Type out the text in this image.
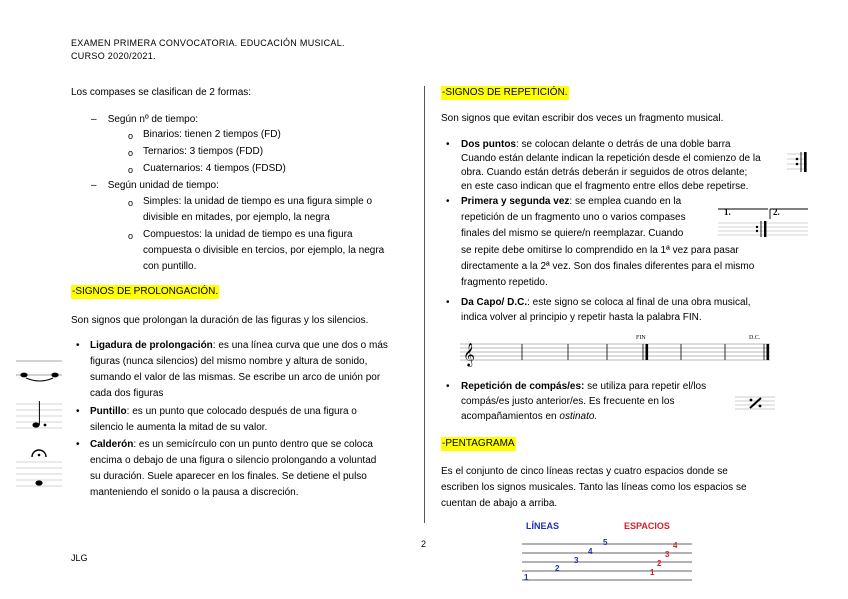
EXAMEN PRIMERA CONVOCATORIA. EDUCACIÓN MUSICAL.
CURSO 2020/2021.
2
JLG
Los compases se clasifican de 2 formas:
–    Según nº de tiempo:
o Binarios: tienen 2 tiempos (FD)
o Ternarios: 3 tiempos (FDD)
o Cuaternarios: 4 tiempos (FDSD)
–    Según unidad de tiempo:
o Simples: la unidad de tiempo es una figura simple o
divisible en mitades, por ejemplo, la negra
o Compuestos: la unidad de tiempo es una figura
compuesta o divisible en tercios, por ejemplo, la negra
con puntillo.
-SIGNOS DE PROLONGACIÓN.
Son signos que prolongan la duración de las figuras y los silencios.
• Ligadura de prolongación: es una línea curva que une dos o más
figuras (nunca silencios) del mismo nombre y altura de sonido,
sumando el valor de las mismas. Se escribe un arco de unión por
cada dos figuras
• Puntillo: es un punto que colocado después de una figura o
silencio le aumenta la mitad de su valor.
• Calderón: es un semicírculo con un punto dentro que se coloca
encima o debajo de una figura o silencio prolongando a voluntad
su duración. Suele aparecer en los finales. Se detiene el pulso
manteniendo el sonido o la pausa a discreción.
-SIGNOS DE REPETICIÓN.
Son signos que evitan escribir dos veces un fragmento musical.
• Dos puntos: se colocan delante o detrás de una doble barra
Cuando están delante indican la repetición desde el comienzo de la
obra. Cuando están detrás deberán ir seguidos de otros delante;
en este caso indican que el fragmento entre ellos debe repetirse.
• Primera y segunda vez: se emplea cuando en la
repetición de un fragmento uno o varios compases
finales del mismo se quiere/n reemplazar. Cuando
se repite debe omitirse lo comprendido en la 1ª vez para pasar
directamente a la 2ª vez. Son dos finales diferentes para el mismo
fragmento repetido.
1.	2.
• Da Capo/ D.C.: este signo se coloca al final de una obra musical,
indica volver al principio y repetir hasta la palabra FIN.
𝄞
FIN	D.C.
• Repetición de compás/es: se utiliza para repetir el/los
compás/es justo anterior/es. Es frecuente en los
acompañamientos en ostinato.
-PENTAGRAMA
Es el conjunto de cinco líneas rectas y cuatro espacios donde se
escriben los signos musicales. Tanto las líneas como los espacios se
cuentan de abajo a arriba.
LÍNEAS	ESPACIOS
1
2
3
4
5
1
2
3
4
